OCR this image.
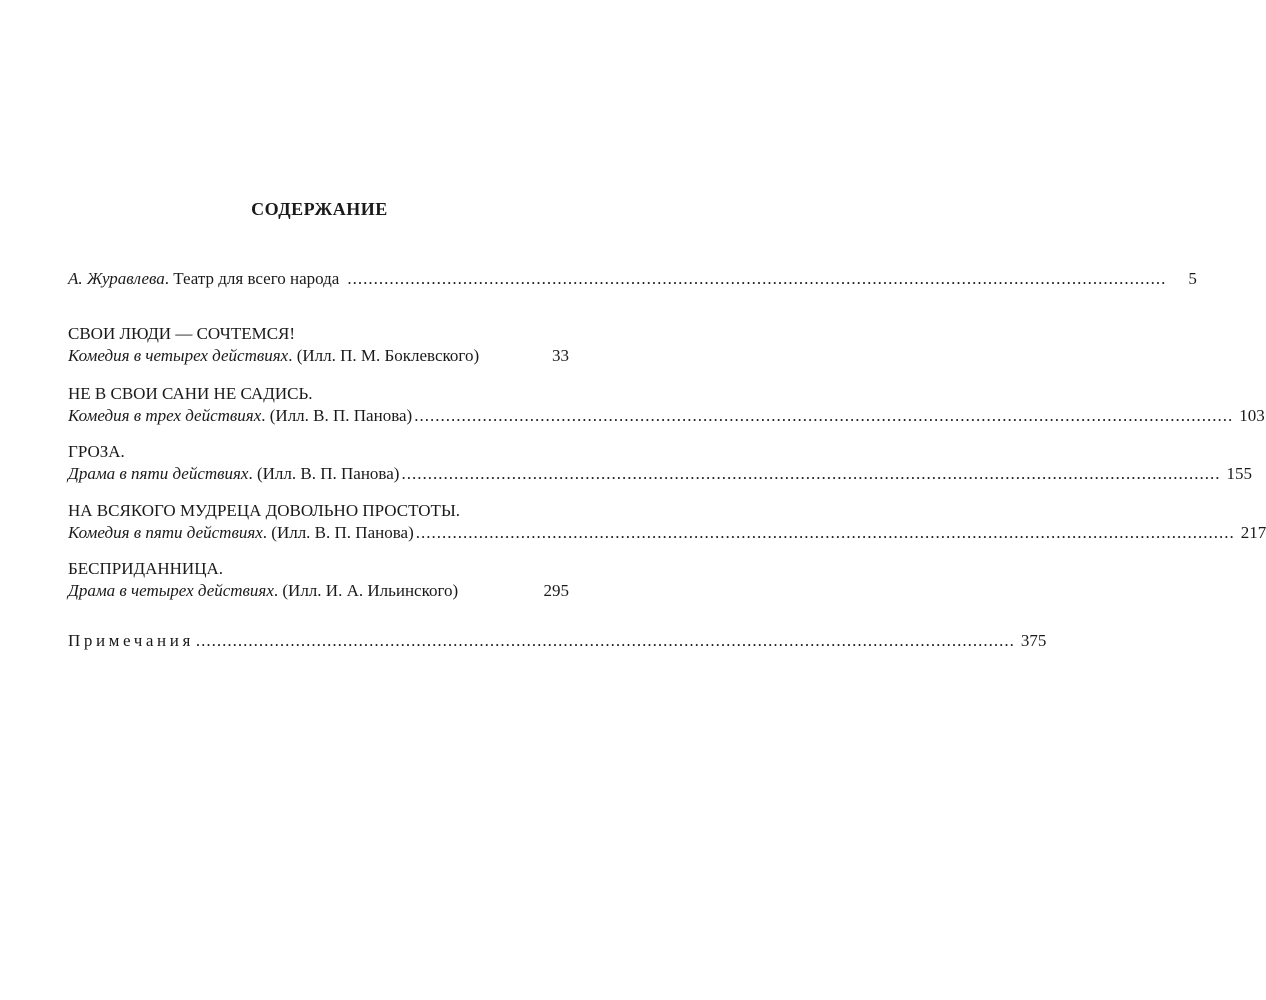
СОДЕРЖАНИЕ
А. Журавлева. Театр для всего народа ............................................................................................................................................................	5
СВОИ ЛЮДИ — СОЧТЕМСЯ!
Комедия в четырех действиях. (Илл. П. М. Боклевского)	33
НЕ В СВОИ САНИ НЕ САДИСЬ.
Комедия в трех действиях. (Илл. В. П. Панова) ............................................................................................................................................................ 103
ГРОЗА.
Драма в пяти действиях. (Илл. В. П. Панова) ............................................................................................................................................................ 155
НА ВСЯКОГО МУДРЕЦА ДОВОЛЬНО ПРОСТОТЫ.
Комедия в пяти действиях. (Илл. В. П. Панова) ............................................................................................................................................................ 217
БЕСПРИДАННИЦА.
Драма в четырех действиях. (Илл. И. А. Ильинского)	295
Примечания ............................................................................................................................................................ 375
